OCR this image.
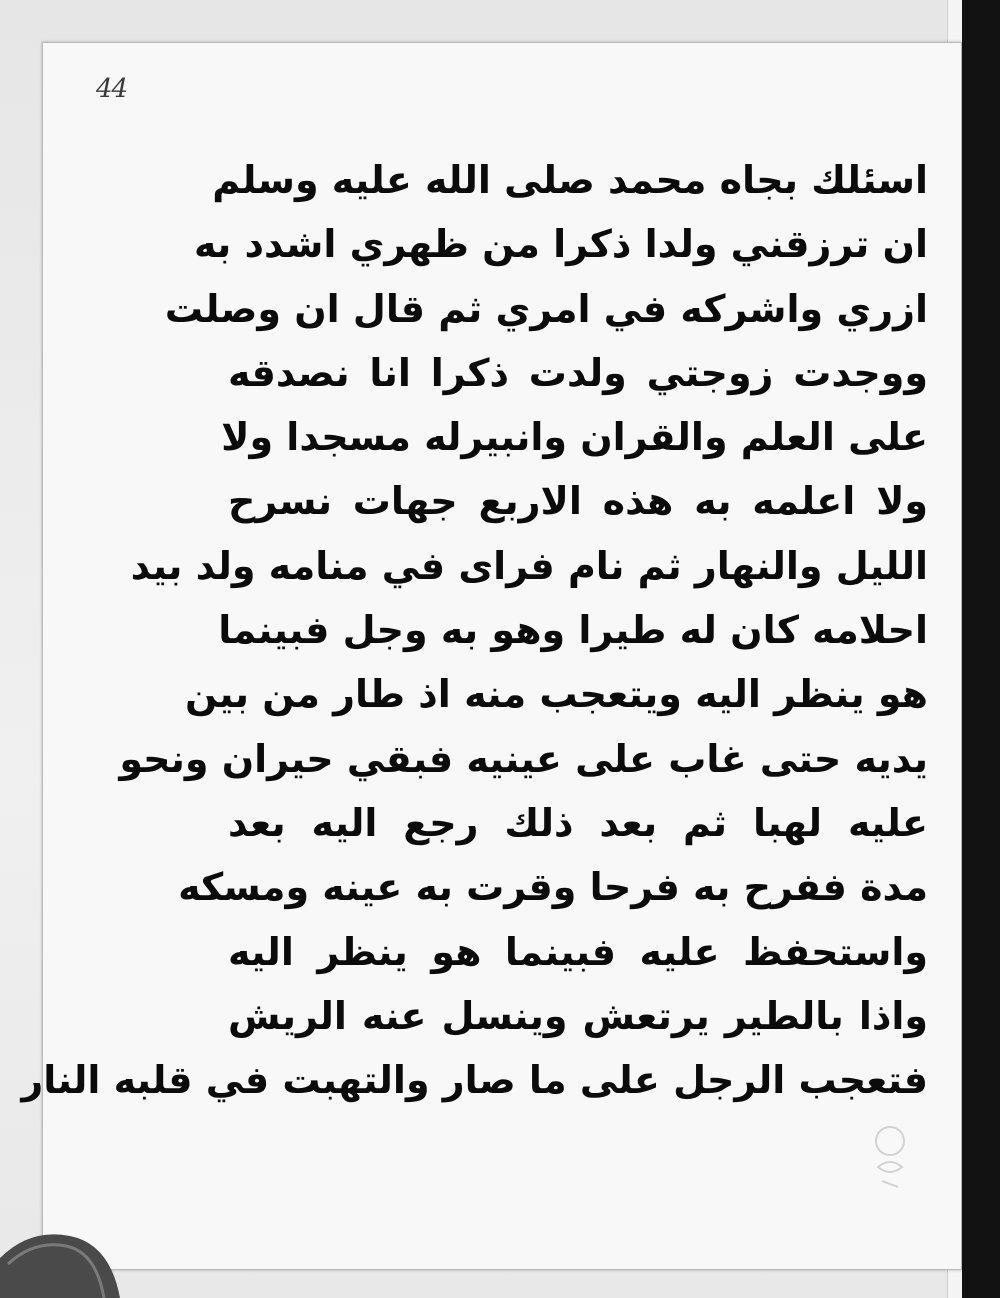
44
اسئلك بجاه محمد صلى الله عليه وسلم
ان ترزقني ولدا ذكرا من ظهري اشدد به
ازري واشركه في امري ثم قال ان وصلت
ووجدت زوجتي ولدت ذكرا انا نصدقه
على العلم والقران وانبيرله مسجدا ولا
ولا اعلمه به هذه الاربع جهات نسرح
الليل والنهار ثم نام فراى في منامه ولد بيد
احلامه كان له طيرا وهو به وجل فبينما
هو ينظر اليه ويتعجب منه اذ طار من بين
يديه حتى غاب على عينيه فبقي حيران ونحو
عليه لهبا ثم بعد ذلك رجع اليه بعد
مدة ففرح به فرحا وقرت به عينه ومسكه
واستحفظ عليه فبينما هو ينظر اليه
واذا بالطير يرتعش وينسل عنه الريش
فتعجب الرجل على ما صار والتهبت في قلبه النار
